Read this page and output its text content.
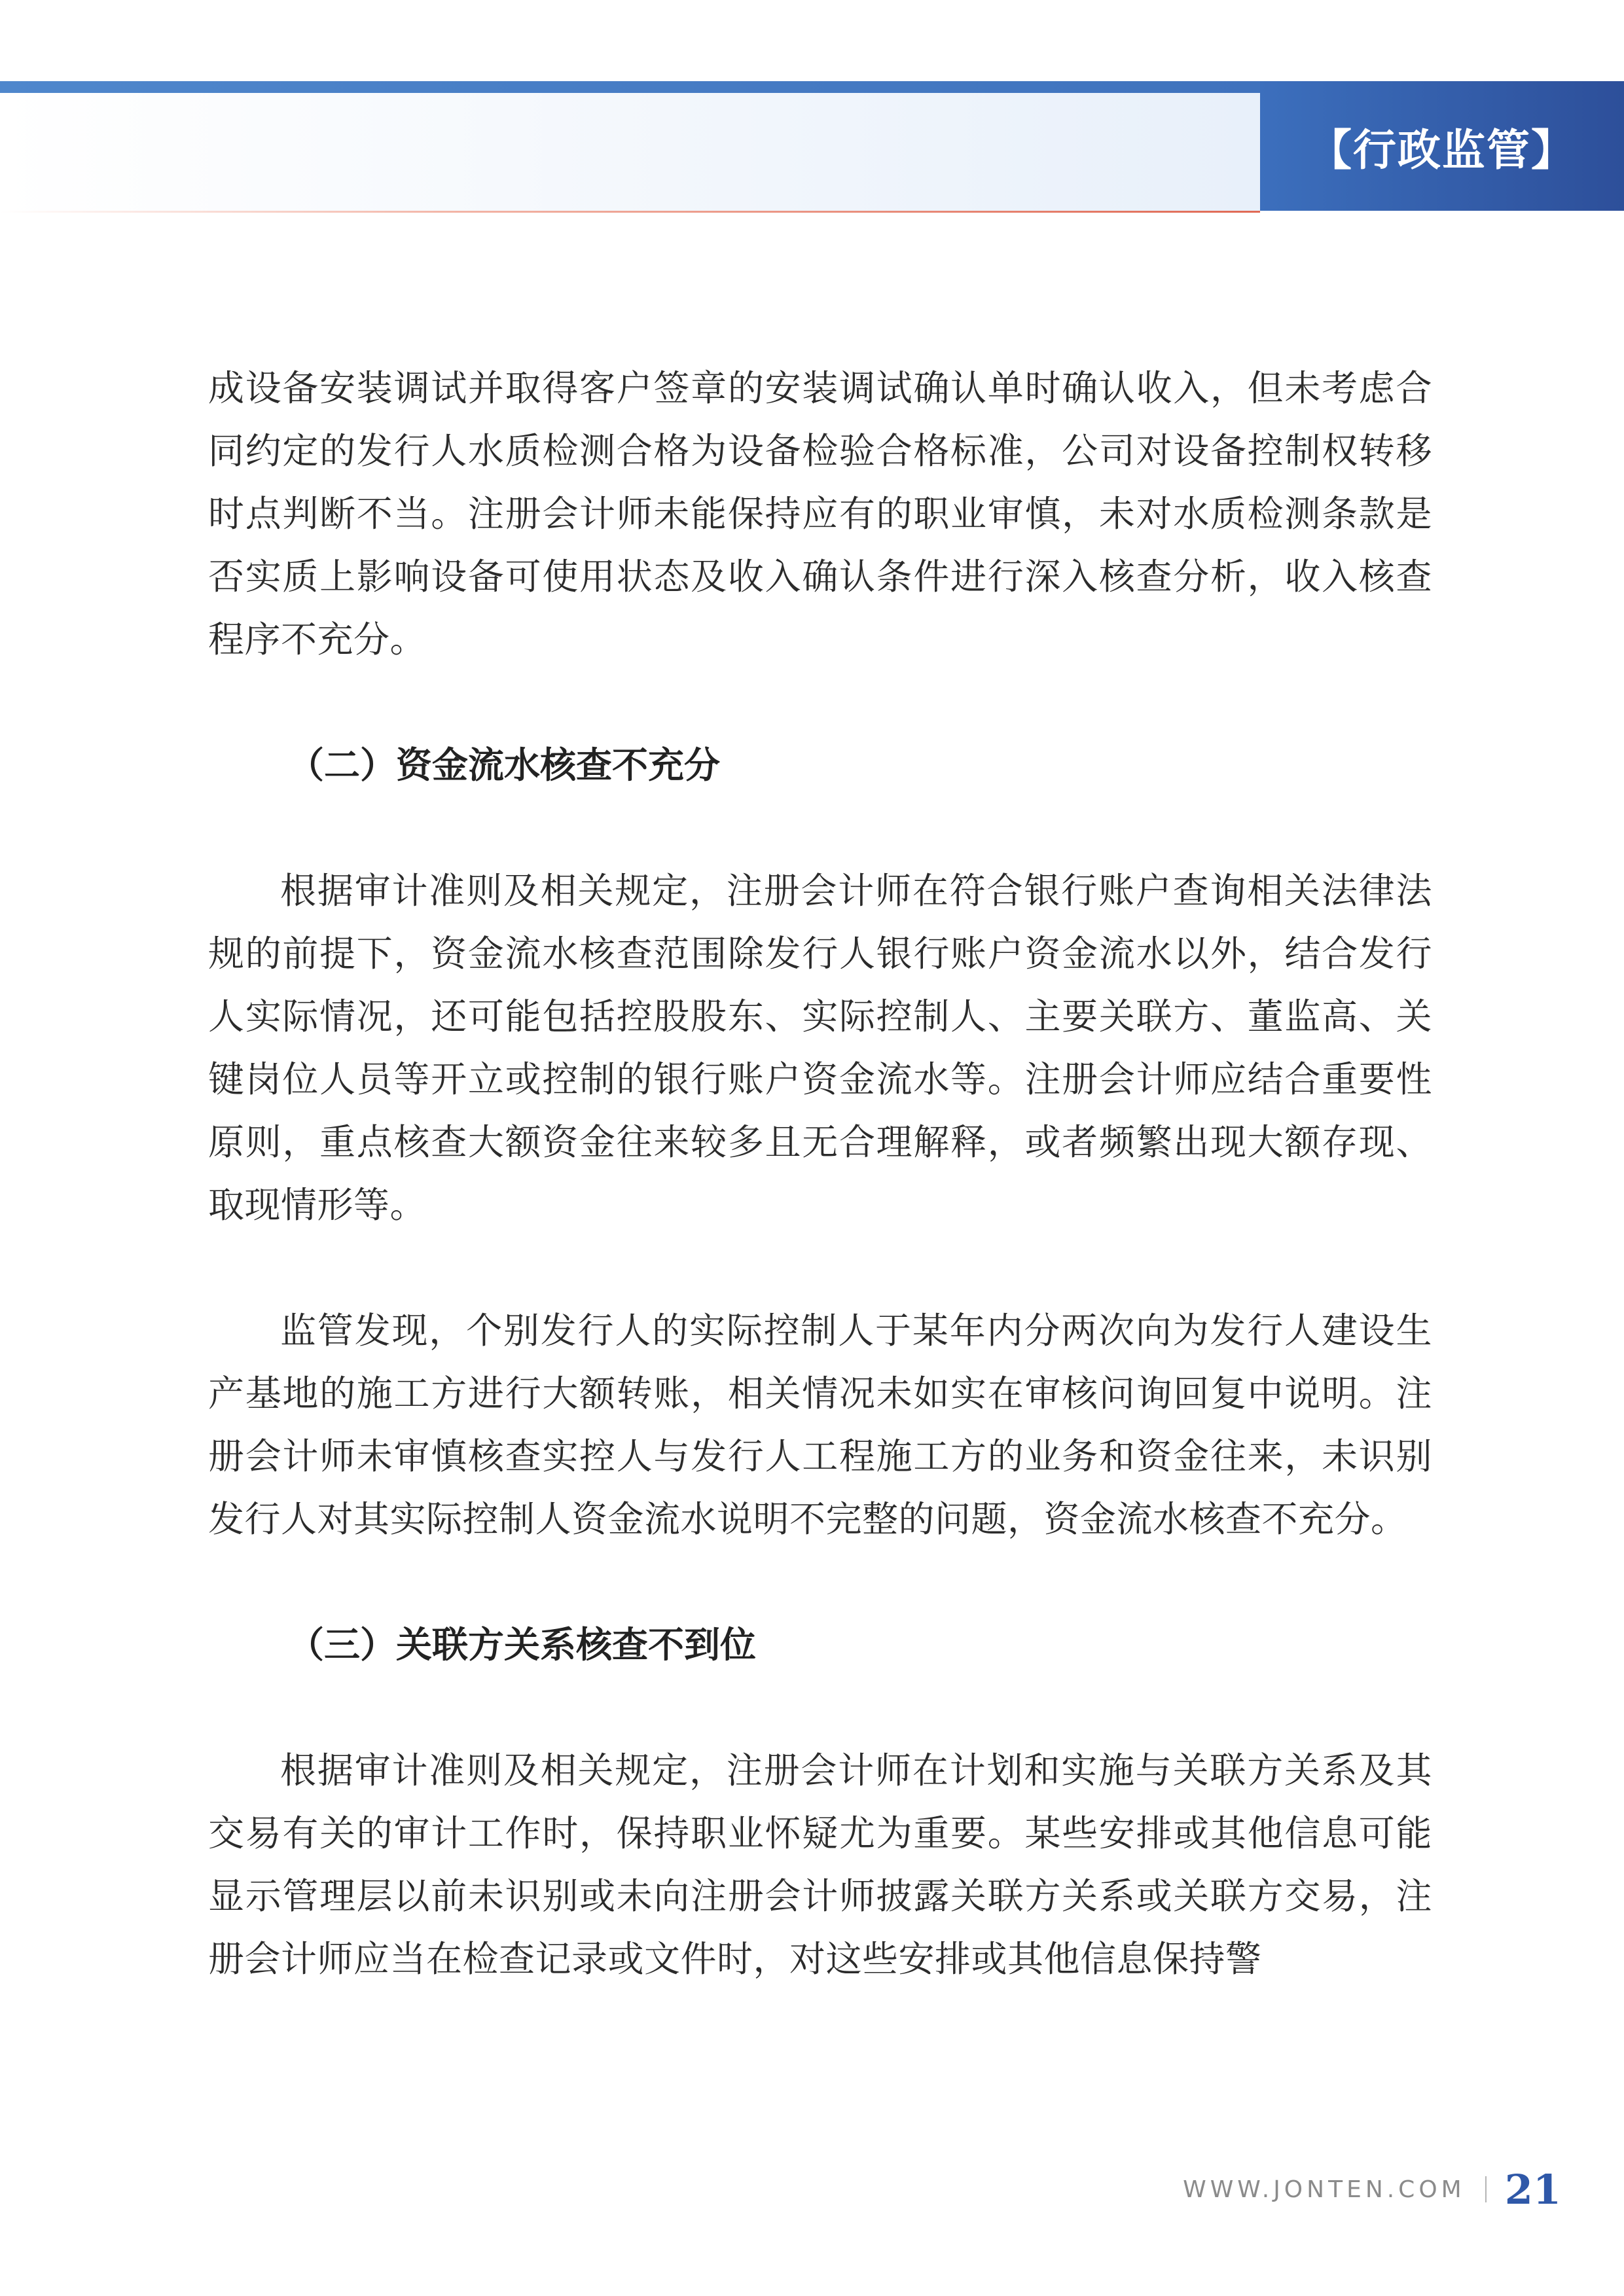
【行政监管】

成设备安装调试并取得客户签章的安装调试确认单时确认收入，但未考虑合同约定的发行人水质检测合格为设备检验合格标准，公司对设备控制权转移时点判断不当。注册会计师未能保持应有的职业审慎，未对水质检测条款是否实质上影响设备可使用状态及收入确认条件进行深入核查分析，收入核查程序不充分。

（二）资金流水核查不充分

根据审计准则及相关规定，注册会计师在符合银行账户查询相关法律法规的前提下，资金流水核查范围除发行人银行账户资金流水以外，结合发行人实际情况，还可能包括控股股东、实际控制人、主要关联方、董监高、关键岗位人员等开立或控制的银行账户资金流水等。注册会计师应结合重要性原则，重点核查大额资金往来较多且无合理解释，或者频繁出现大额存现、取现情形等。

监管发现，个别发行人的实际控制人于某年内分两次向为发行人建设生产基地的施工方进行大额转账，相关情况未如实在审核问询回复中说明。注册会计师未审慎核查实控人与发行人工程施工方的业务和资金往来，未识别发行人对其实际控制人资金流水说明不完整的问题，资金流水核查不充分。

（三）关联方关系核查不到位

根据审计准则及相关规定，注册会计师在计划和实施与关联方关系及其交易有关的审计工作时，保持职业怀疑尤为重要。某些安排或其他信息可能显示管理层以前未识别或未向注册会计师披露关联方关系或关联方交易，注册会计师应当在检查记录或文件时，对这些安排或其他信息保持警

WWW.JONTEN.COM 21
